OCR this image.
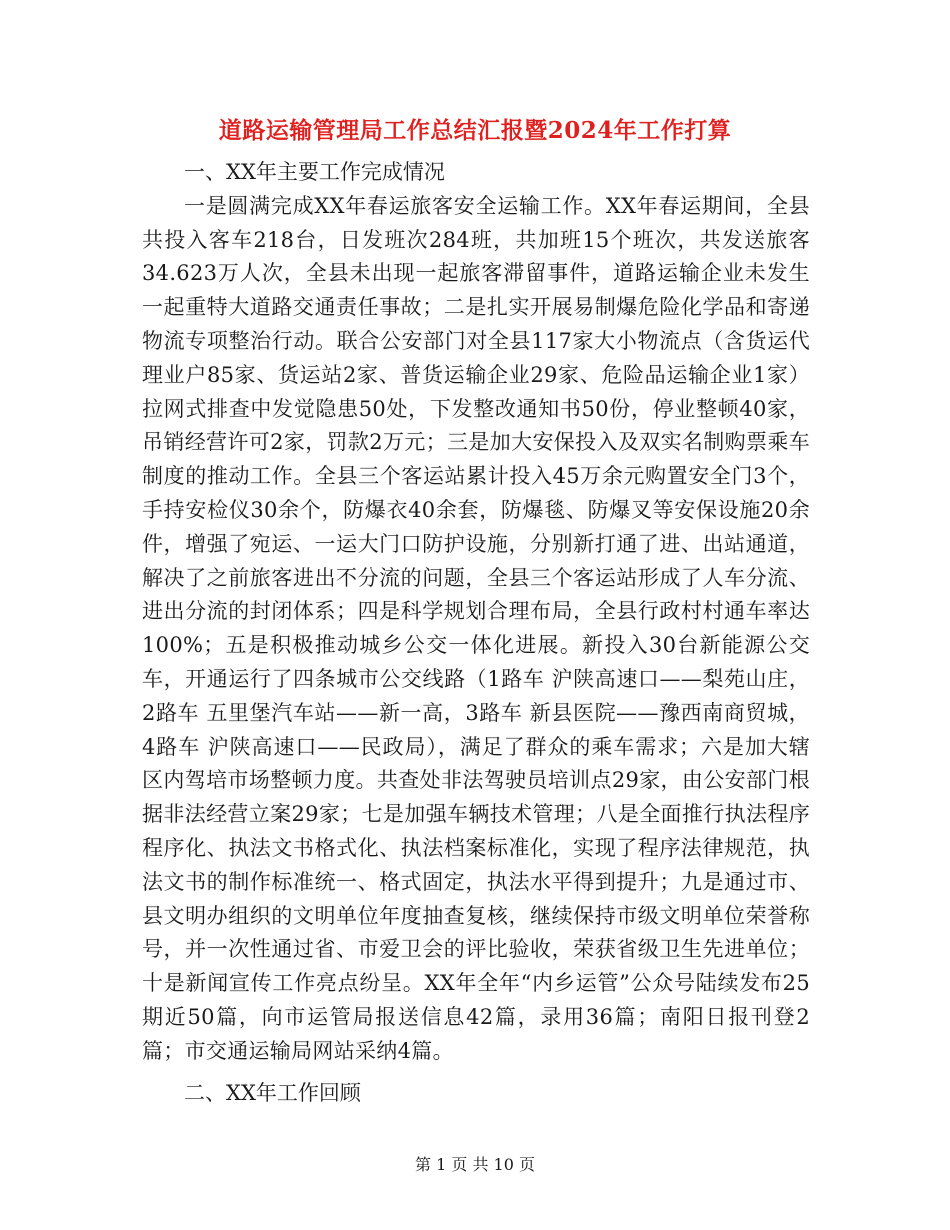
道路运输管理局工作总结汇报暨2024年工作打算

一、XX年主要工作完成情况

一是圆满完成XX年春运旅客安全运输工作。XX年春运期间，全县共投入客车218台，日发班次284班，共加班15个班次，共发送旅客34.623万人次，全县未出现一起旅客滞留事件，道路运输企业未发生一起重特大道路交通责任事故；二是扎实开展易制爆危险化学品和寄递物流专项整治行动。联合公安部门对全县117家大小物流点（含货运代理业户85家、货运站2家、普货运输企业29家、危险品运输企业1家）拉网式排查中发觉隐患50处，下发整改通知书50份，停业整顿40家，吊销经营许可2家，罚款2万元；三是加大安保投入及双实名制购票乘车制度的推动工作。全县三个客运站累计投入45万余元购置安全门3个，手持安检仪30余个，防爆衣40余套，防爆毯、防爆叉等安保设施20余件，增强了宛运、一运大门口防护设施，分别新打通了进、出站通道，解决了之前旅客进出不分流的问题，全县三个客运站形成了人车分流、进出分流的封闭体系；四是科学规划合理布局，全县行政村村通车率达100%；五是积极推动城乡公交一体化进展。新投入30台新能源公交车，开通运行了四条城市公交线路（1路车 沪陕高速口——梨苑山庄，2路车 五里堡汽车站——新一高，3路车 新县医院——豫西南商贸城，4路车 沪陕高速口——民政局），满足了群众的乘车需求；六是加大辖区内驾培市场整顿力度。共查处非法驾驶员培训点29家，由公安部门根据非法经营立案29家；七是加强车辆技术管理；八是全面推行执法程序程序化、执法文书格式化、执法档案标准化，实现了程序法律规范，执法文书的制作标准统一、格式固定，执法水平得到提升；九是通过市、县文明办组织的文明单位年度抽查复核，继续保持市级文明单位荣誉称号，并一次性通过省、市爱卫会的评比验收，荣获省级卫生先进单位；十是新闻宣传工作亮点纷呈。XX年全年“内乡运管”公众号陆续发布25期近50篇，向市运管局报送信息42篇，录用36篇；南阳日报刊登2篇；市交通运输局网站采纳4篇。

二、XX年工作回顾

第 1 页 共 10 页
